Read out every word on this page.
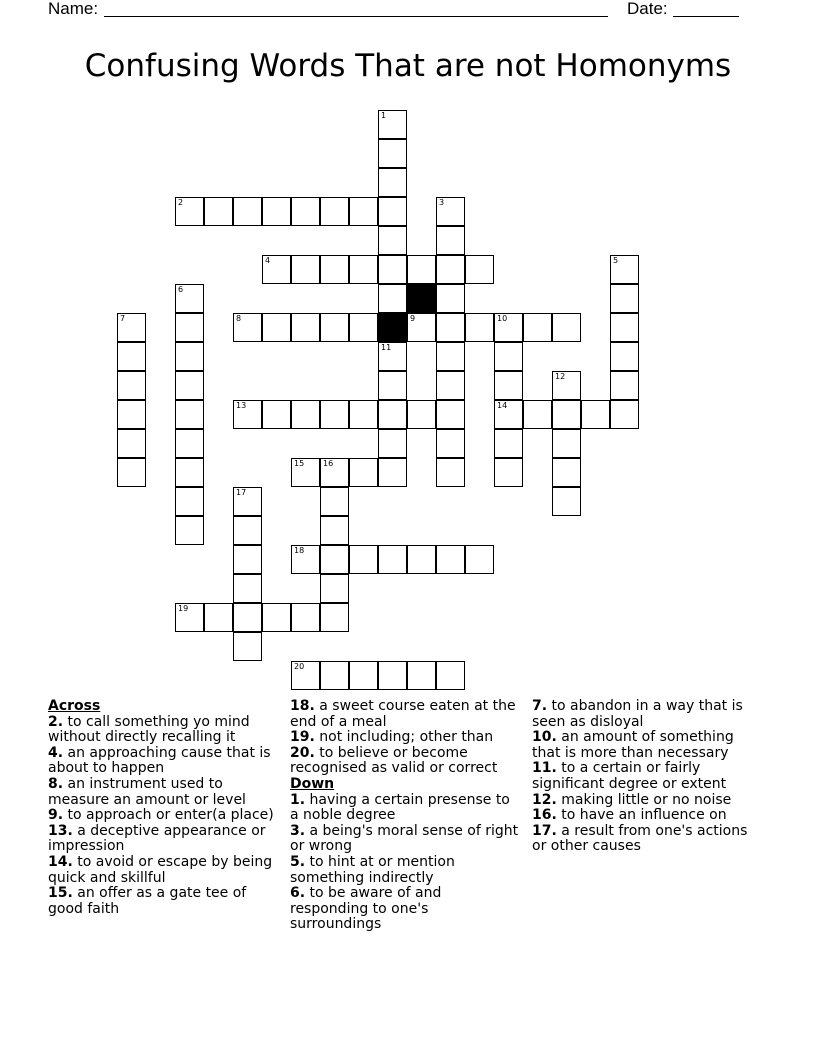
Name:	Date:
Confusing Words That are not Homonyms
2
4
8	9	10
13	14
15 16
18
19
20
1
11
3
5
6
7
12
17
Across

2. to call something yo mind without directly recalling it

4. an approaching cause that is about to happen

8. an instrument used to measure an amount or level

9. to approach or enter(a place)

13. a deceptive appearance or impression

14. to avoid or escape by being quick and skillful

15. an offer as a gate tee of good faith

18. a sweet course eaten at the end of a meal

19. not including; other than

20. to believe or become recognised as valid or correct

Down

1. having a certain presense to a noble degree

3. a being's moral sense of right or wrong

5. to hint at or mention something indirectly

6. to be aware of and responding to one's surroundings

7. to abandon in a way that is seen as disloyal

10. an amount of something that is more than necessary

11. to a certain or fairly significant degree or extent

12. making little or no noise

16. to have an influence on

17. a result from one's actions or other causes
